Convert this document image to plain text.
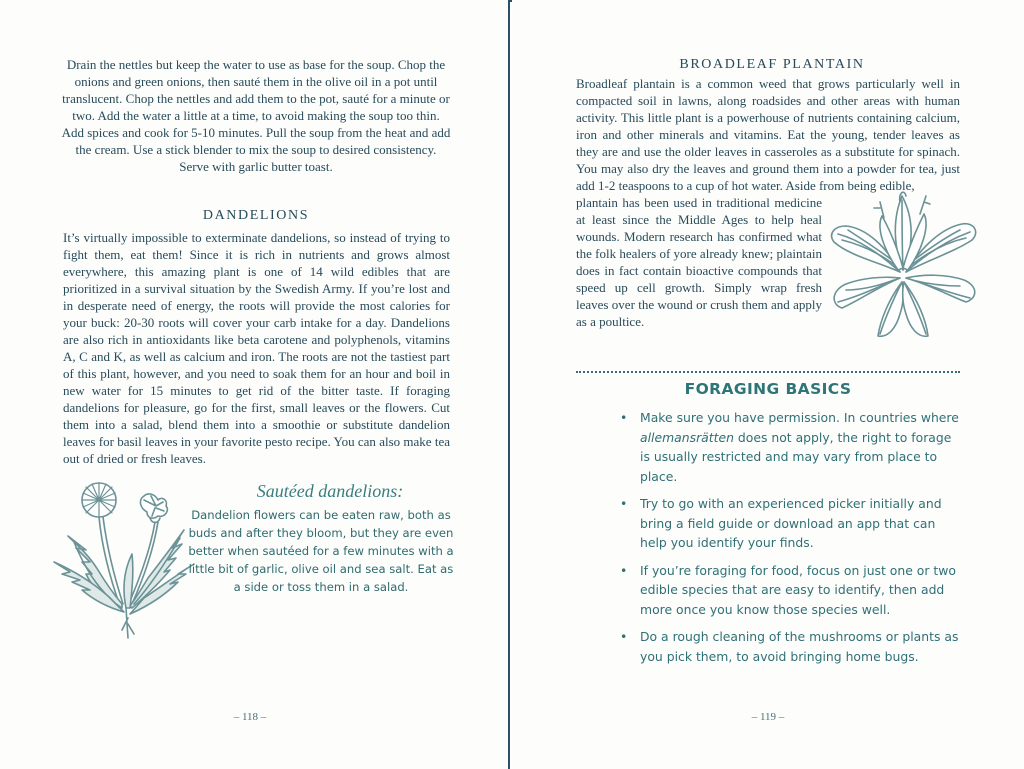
Drain the nettles but keep the water to use as base for the soup. Chop the onions and green onions, then sauté them in the olive oil in a pot until translucent. Chop the nettles and add them to the pot, sauté for a minute or two. Add the water a little at a time, to avoid making the soup too thin. Add spices and cook for 5-10 minutes. Pull the soup from the heat and add the cream. Use a stick blender to mix the soup to desired consistency. Serve with garlic butter toast.

DANDELIONS

It’s virtually impossible to exterminate dandelions, so instead of trying to fight them, eat them! Since it is rich in nutrients and grows almost everywhere, this amazing plant is one of 14 wild edibles that are prioritized in a survival situation by the Swedish Army. If you’re lost and in desperate need of energy, the roots will provide the most calories for your buck: 20-30 roots will cover your carb intake for a day. Dandelions are also rich in antioxidants like beta carotene and polyphenols, vitamins A, C and K, as well as calcium and iron. The roots are not the tastiest part of this plant, however, and you need to soak them for an hour and boil in new water for 15 minutes to get rid of the bitter taste. If foraging dandelions for pleasure, go for the first, small leaves or the flowers. Cut them into a salad, blend them into a smoothie or substitute dandelion leaves for basil leaves in your favorite pesto recipe. You can also make tea out of dried or fresh leaves.

Sautéed dandelions:

Dandelion flowers can be eaten raw, both as buds and after they bloom, but they are even better when sautéed for a few minutes with a little bit of garlic, olive oil and sea salt. Eat as a side or toss them in a salad.

– 118 –
BROADLEAF PLANTAIN

Broadleaf plantain is a common weed that grows particularly well in compacted soil in lawns, along roadsides and other areas with human activity. This little plant is a powerhouse of nutrients containing calcium, iron and other minerals and vitamins. Eat the young, tender leaves as they are and use the older leaves in casseroles as a substitute for spinach. You may also dry the leaves and ground them into a powder for tea, just add 1-2 teaspoons to a cup of hot water. Aside from being edible,

plantain has been used in traditional medicine at least since the Middle Ages to help heal wounds. Modern research has confirmed what the folk healers of yore already knew; plaintain does in fact contain bioactive compounds that speed up cell growth. Simply wrap fresh leaves over the wound or crush them and apply as a poultice.

FORAGING BASICS
• Make sure you have permission. In countries where allemansrätten does not apply, the right to forage is usually restricted and may vary from place to place.
• Try to go with an experienced picker initially and bring a field guide or download an app that can help you identify your finds.
• If you’re foraging for food, focus on just one or two edible species that are easy to identify, then add more once you know those species well.
• Do a rough cleaning of the mushrooms or plants as you pick them, to avoid bringing home bugs.
– 119 –
